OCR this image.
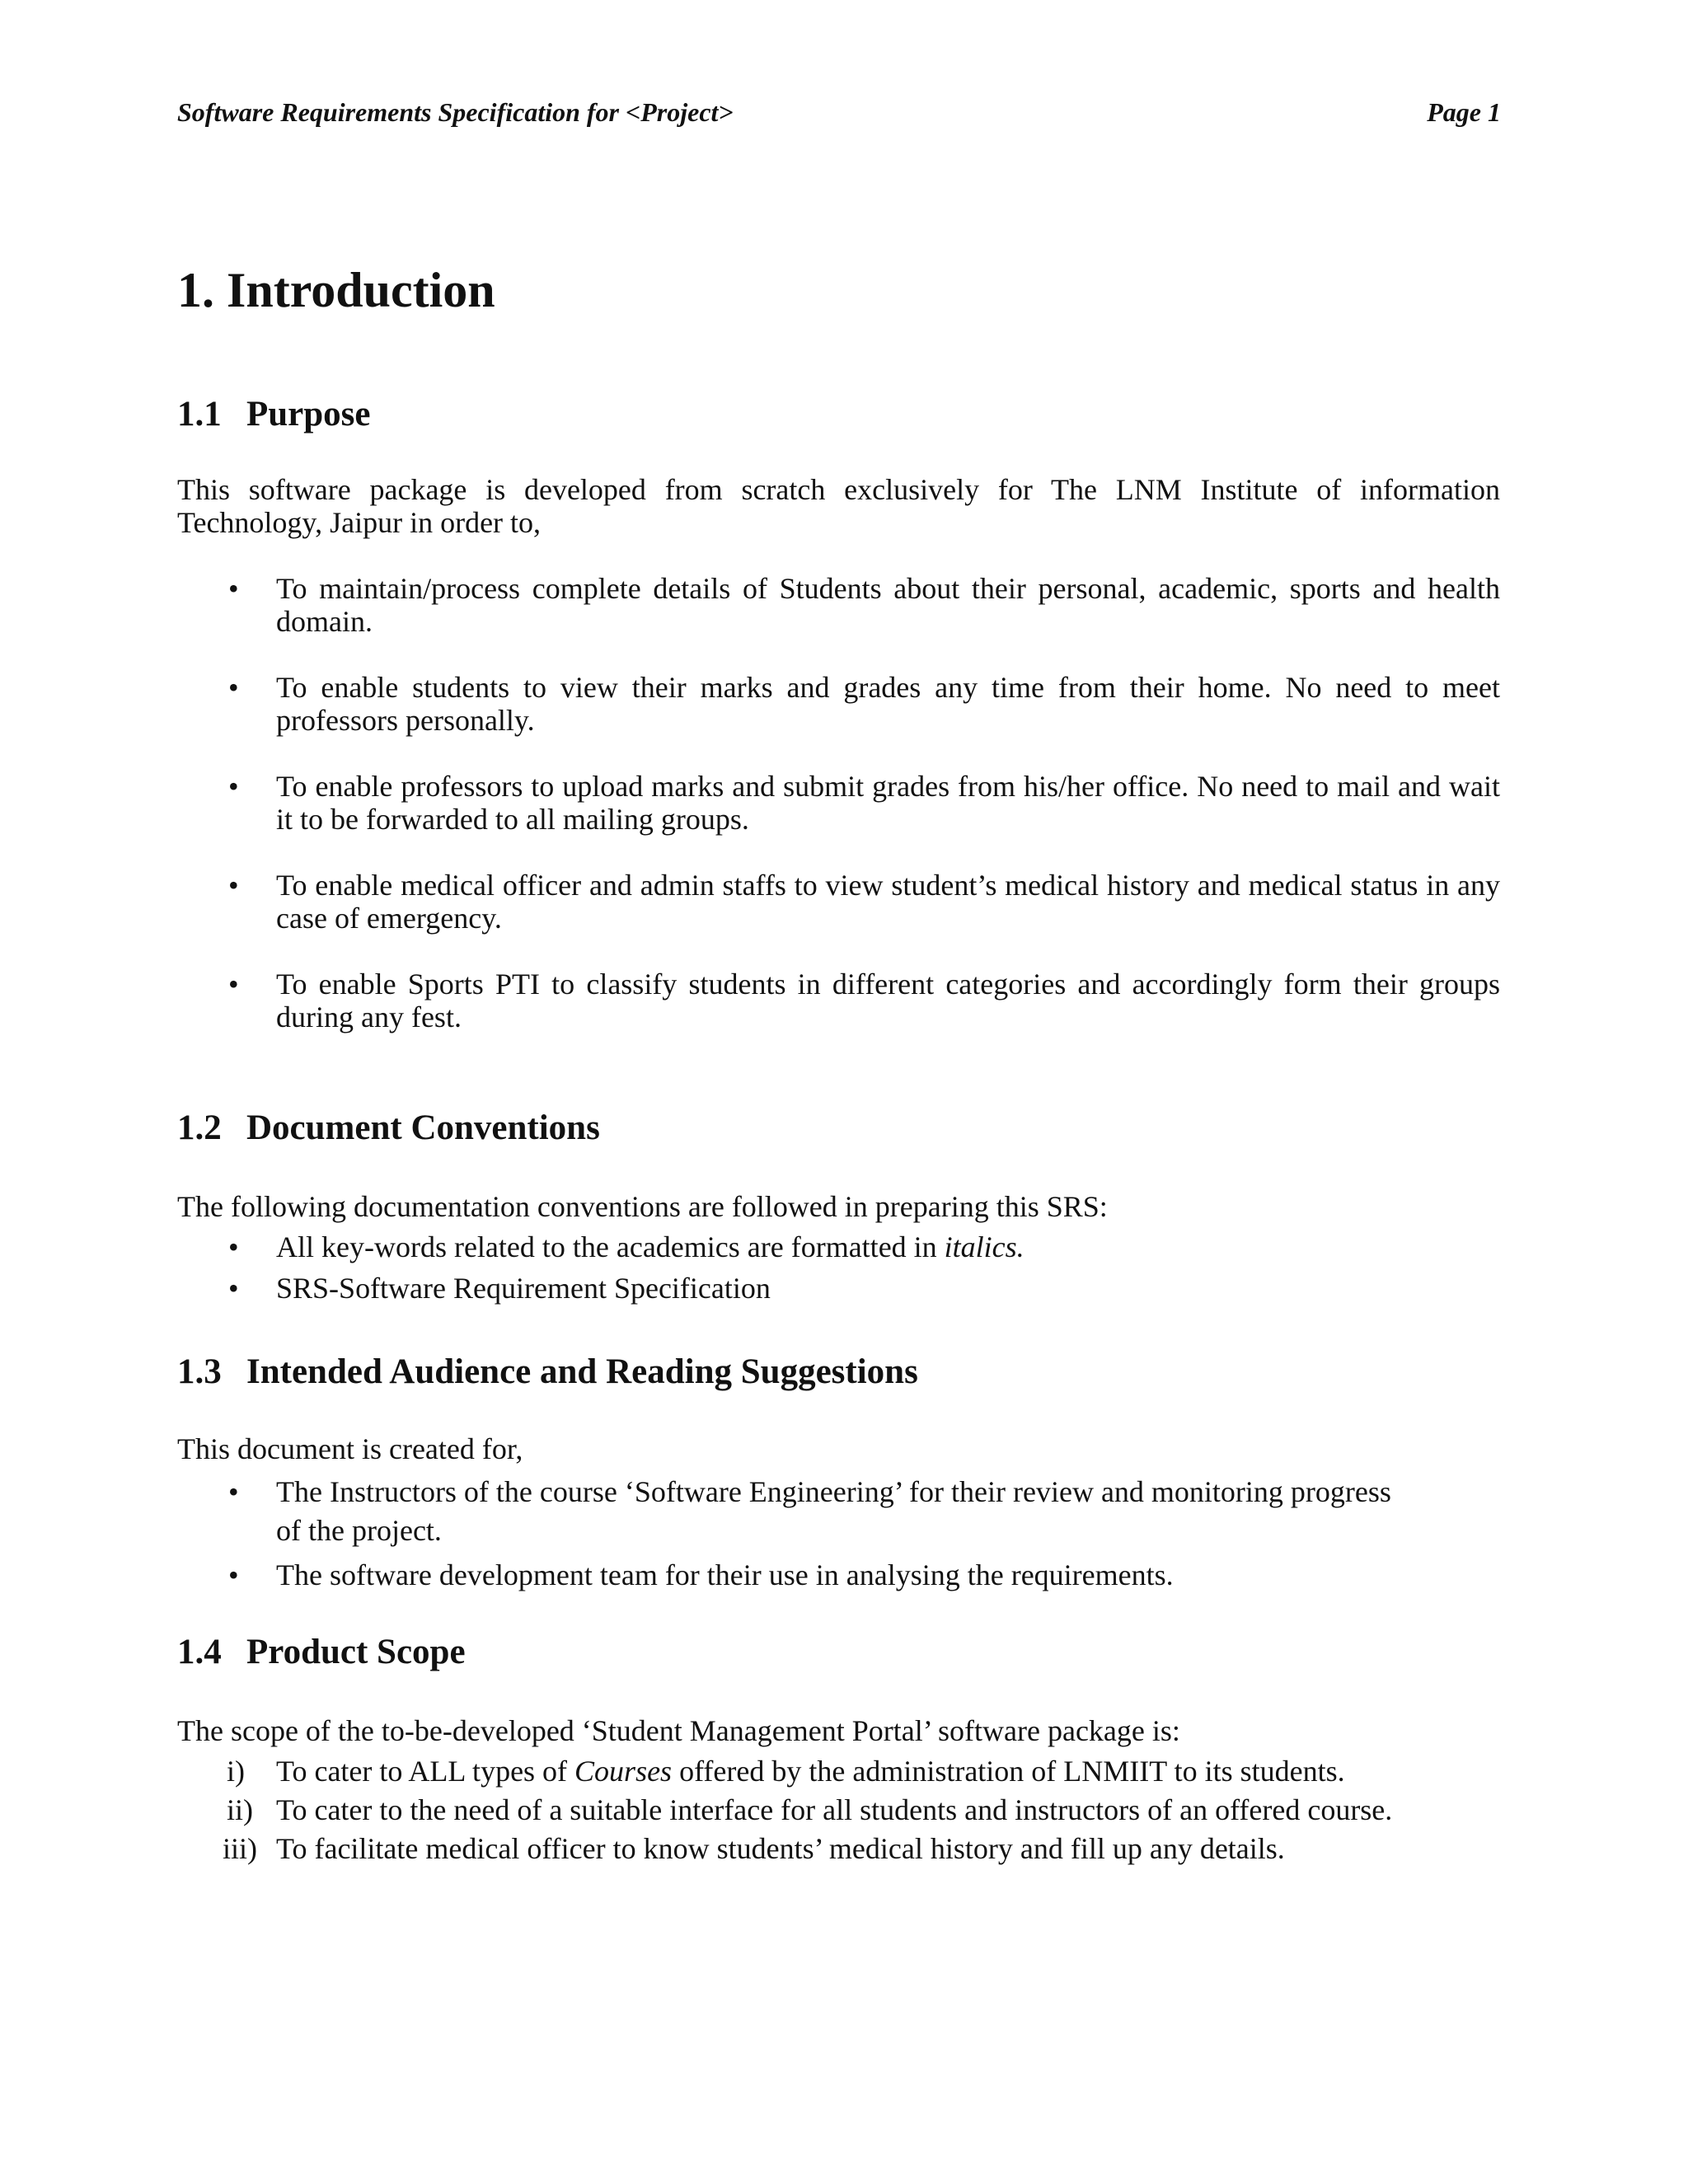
Software Requirements Specification for <Project>	Page 1
1. Introduction
1.1 Purpose

This software package is developed from scratch exclusively for The LNM Institute of information Technology, Jaipur in order to,

• To maintain/process complete details of Students about their personal, academic, sports and health domain.
• To enable students to view their marks and grades any time from their home. No need to meet professors personally.
• To enable professors to upload marks and submit grades from his/her office. No need to mail and wait it to be forwarded to all mailing groups.
• To enable medical officer and admin staffs to view student’s medical history and medical status in any case of emergency.
• To enable Sports PTI to classify students in different categories and accordingly form their groups during any fest.
1.2 Document Conventions

The following documentation conventions are followed in preparing this SRS:

• All key-words related to the academics are formatted in italics.
• SRS-Software Requirement Specification
1.3 Intended Audience and Reading Suggestions

This document is created for,

• The Instructors of the course ‘Software Engineering’ for their review and monitoring progress of the project.
• The software development team for their use in analysing the requirements.
1.4 Product Scope

The scope of the to-be-developed ‘Student Management Portal’ software package is:

i) To cater to ALL types of Courses offered by the administration of LNMIIT to its students.
ii) To cater to the need of a suitable interface for all students and instructors of an offered course.
iii) To facilitate medical officer to know students’ medical history and fill up any details.
